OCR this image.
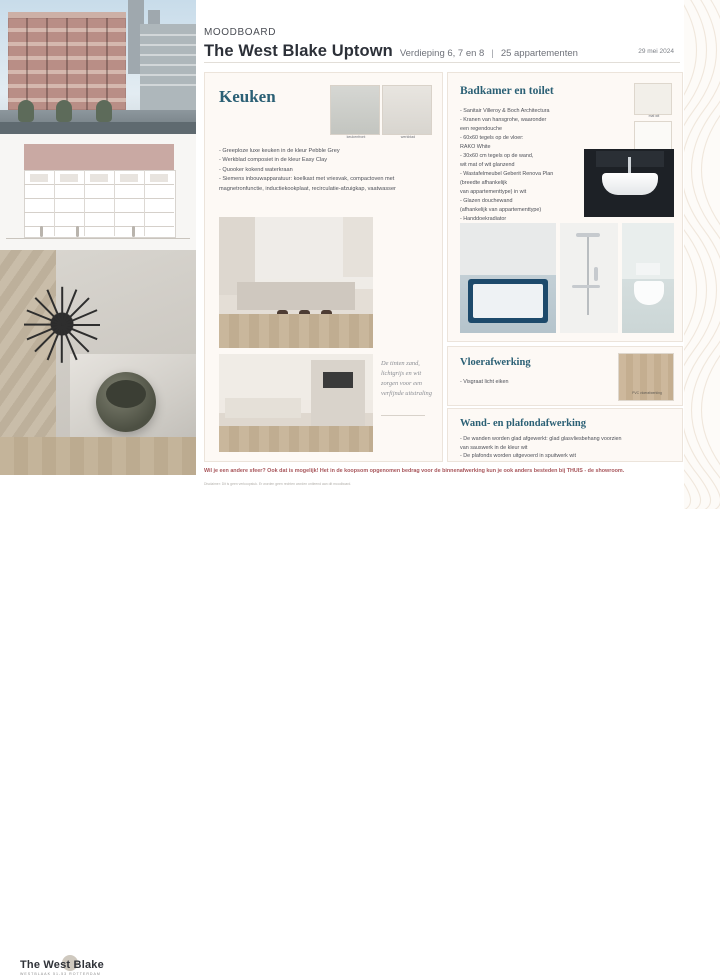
The West Blake
WESTBLAAK 51-53 ROTTERDAM
MOODBOARD
The West Blake Uptown Verdieping 6, 7 en 8 | 25 appartementen	29 mei 2024
Keuken
keukenfront	werkblad
- Greeploze luxe keuken in de kleur Pebble Grey
- Werkblad composiet in de kleur Easy Clay
- Quooker kokend waterkraan
- Siemens inbouwapparatuur: koelkast met vriesvak, compactoven met
magnetronfunctie, inductiekookplaat, recirculatie-afzuigkap, vaatwasser
De tinten zand, lichtgrijs en wit zorgen voor een verfijnde uitstraling
Badkamer en toilet
mat wit
- Sanitair Villeroy & Boch Architectura
- Kranen van hansgrohe, waaronder
een regendouche
- 60x60 tegels op de vloer:
RAKO White
- 30x60 cm tegels op de wand,
wit mat of wit glanzend
- Wastafelmeubel Geberit Renova Plan
(breedte afhankelijk
van appartementtype) in wit
- Glazen douchewand
(afhankelijk van appartementtype)
- Handdoekradiator
Vloerafwerking
- Visgraat licht eiken
PVC vloerafwerking
Wand- en plafondafwerking
- De wanden worden glad afgewerkt: glad glasvliesbehang voorzien
van sauswerk in de kleur wit
- De plafonds worden uitgevoerd in spuitwerk wit
Wil je een andere sfeer? Ook dat is mogelijk! Het in de koopsom opgenomen bedrag voor de binnenafwerking kun je ook anders besteden bij THUIS - de showroom.
Disclaimer: Dit is geen verkoopstuk. Er worden geen rechten worden ontleend aan dit moodboard.
